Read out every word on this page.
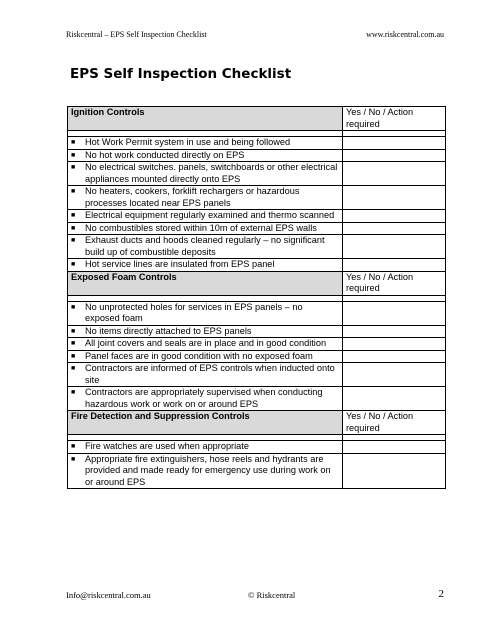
Riskcentral – EPS Self Inspection Checklist	www.riskcentral.com.au
EPS Self Inspection Checklist
Ignition Controls	Yes / No / Action required

■ Hot Work Permit system in use and being followed	

■ No hot work conducted directly on EPS	

■ No electrical switches. panels, switchboards or other electrical appliances mounted directly onto EPS	

■ No heaters, cookers, forklift rechargers or hazardous processes located near EPS panels	

■ Electrical equipment regularly examined and thermo scanned	

■ No combustibles stored within 10m of external EPS walls	

■ Exhaust ducts and hoods cleaned regularly – no significant build up of combustible deposits	

■ Hot service lines are insulated from EPS panel	

Exposed Foam Controls	Yes / No / Action required

■ No unprotected holes for services in EPS panels – no exposed foam	

■ No items directly attached to EPS panels	

■ All joint covers and seals are in place and in good condition	

■ Panel faces are in good condition with no exposed foam	

■ Contractors are informed of EPS controls when inducted onto site	

■ Contractors are appropriately supervised when conducting hazardous work or work on or around EPS	

Fire Detection and Suppression Controls	Yes / No / Action required

■ Fire watches are used when appropriate	

■ Appropriate fire extinguishers, hose reels and hydrants are provided and made ready for emergency use during work on or around EPS	

Info@riskcentral.com.au	© Riskcentral	2
